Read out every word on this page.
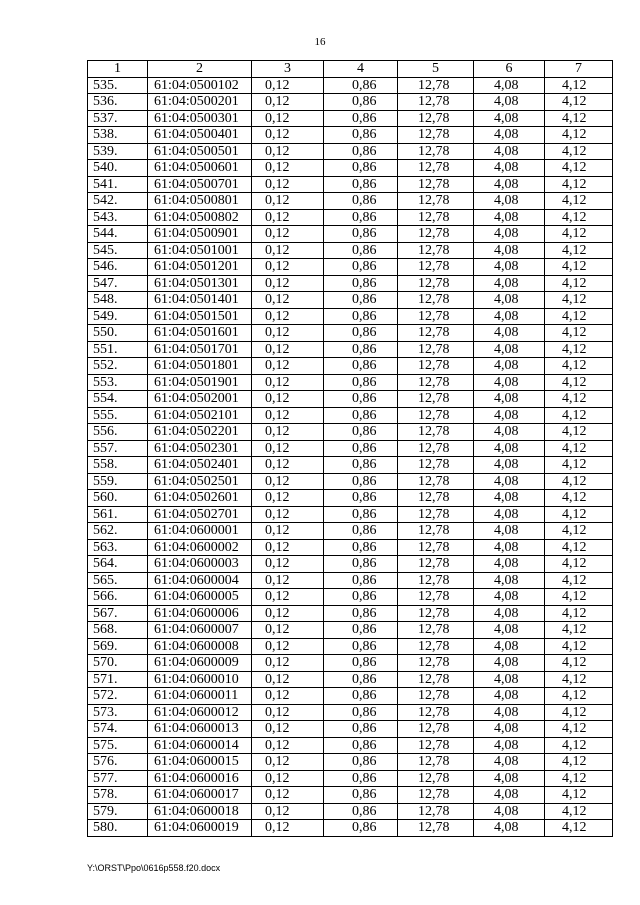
16
1	2	3	4	5	6	7
535.	61:04:0500102	0,12	0,86	12,78	4,08	4,12
536.	61:04:0500201	0,12	0,86	12,78	4,08	4,12
537.	61:04:0500301	0,12	0,86	12,78	4,08	4,12
538.	61:04:0500401	0,12	0,86	12,78	4,08	4,12
539.	61:04:0500501	0,12	0,86	12,78	4,08	4,12
540.	61:04:0500601	0,12	0,86	12,78	4,08	4,12
541.	61:04:0500701	0,12	0,86	12,78	4,08	4,12
542.	61:04:0500801	0,12	0,86	12,78	4,08	4,12
543.	61:04:0500802	0,12	0,86	12,78	4,08	4,12
544.	61:04:0500901	0,12	0,86	12,78	4,08	4,12
545.	61:04:0501001	0,12	0,86	12,78	4,08	4,12
546.	61:04:0501201	0,12	0,86	12,78	4,08	4,12
547.	61:04:0501301	0,12	0,86	12,78	4,08	4,12
548.	61:04:0501401	0,12	0,86	12,78	4,08	4,12
549.	61:04:0501501	0,12	0,86	12,78	4,08	4,12
550.	61:04:0501601	0,12	0,86	12,78	4,08	4,12
551.	61:04:0501701	0,12	0,86	12,78	4,08	4,12
552.	61:04:0501801	0,12	0,86	12,78	4,08	4,12
553.	61:04:0501901	0,12	0,86	12,78	4,08	4,12
554.	61:04:0502001	0,12	0,86	12,78	4,08	4,12
555.	61:04:0502101	0,12	0,86	12,78	4,08	4,12
556.	61:04:0502201	0,12	0,86	12,78	4,08	4,12
557.	61:04:0502301	0,12	0,86	12,78	4,08	4,12
558.	61:04:0502401	0,12	0,86	12,78	4,08	4,12
559.	61:04:0502501	0,12	0,86	12,78	4,08	4,12
560.	61:04:0502601	0,12	0,86	12,78	4,08	4,12
561.	61:04:0502701	0,12	0,86	12,78	4,08	4,12
562.	61:04:0600001	0,12	0,86	12,78	4,08	4,12
563.	61:04:0600002	0,12	0,86	12,78	4,08	4,12
564.	61:04:0600003	0,12	0,86	12,78	4,08	4,12
565.	61:04:0600004	0,12	0,86	12,78	4,08	4,12
566.	61:04:0600005	0,12	0,86	12,78	4,08	4,12
567.	61:04:0600006	0,12	0,86	12,78	4,08	4,12
568.	61:04:0600007	0,12	0,86	12,78	4,08	4,12
569.	61:04:0600008	0,12	0,86	12,78	4,08	4,12
570.	61:04:0600009	0,12	0,86	12,78	4,08	4,12
571.	61:04:0600010	0,12	0,86	12,78	4,08	4,12
572.	61:04:0600011	0,12	0,86	12,78	4,08	4,12
573.	61:04:0600012	0,12	0,86	12,78	4,08	4,12
574.	61:04:0600013	0,12	0,86	12,78	4,08	4,12
575.	61:04:0600014	0,12	0,86	12,78	4,08	4,12
576.	61:04:0600015	0,12	0,86	12,78	4,08	4,12
577.	61:04:0600016	0,12	0,86	12,78	4,08	4,12
578.	61:04:0600017	0,12	0,86	12,78	4,08	4,12
579.	61:04:0600018	0,12	0,86	12,78	4,08	4,12
580.	61:04:0600019	0,12	0,86	12,78	4,08	4,12
Y:\ORST\Ppo\0616p558.f20.docx
